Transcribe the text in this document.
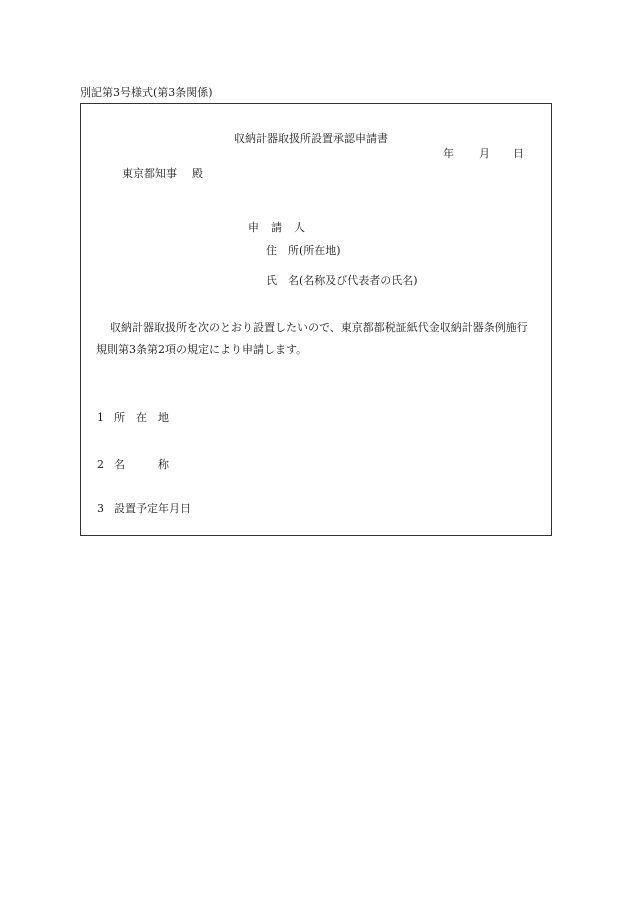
別記第3号様式(第3条関係)
収納計器取扱所設置承認申請書
年 月 日
東京都知事 殿
申 請 人
住　所(所在地)
氏　名(名称及び代表者の氏名)
収納計器取扱所を次のとおり設置したいので、東京都都税証紙代金収納計器条例施行
規則第3条第2項の規定により申請します。
1 所　在　地
2 名　　　称
3 設置予定年月日
